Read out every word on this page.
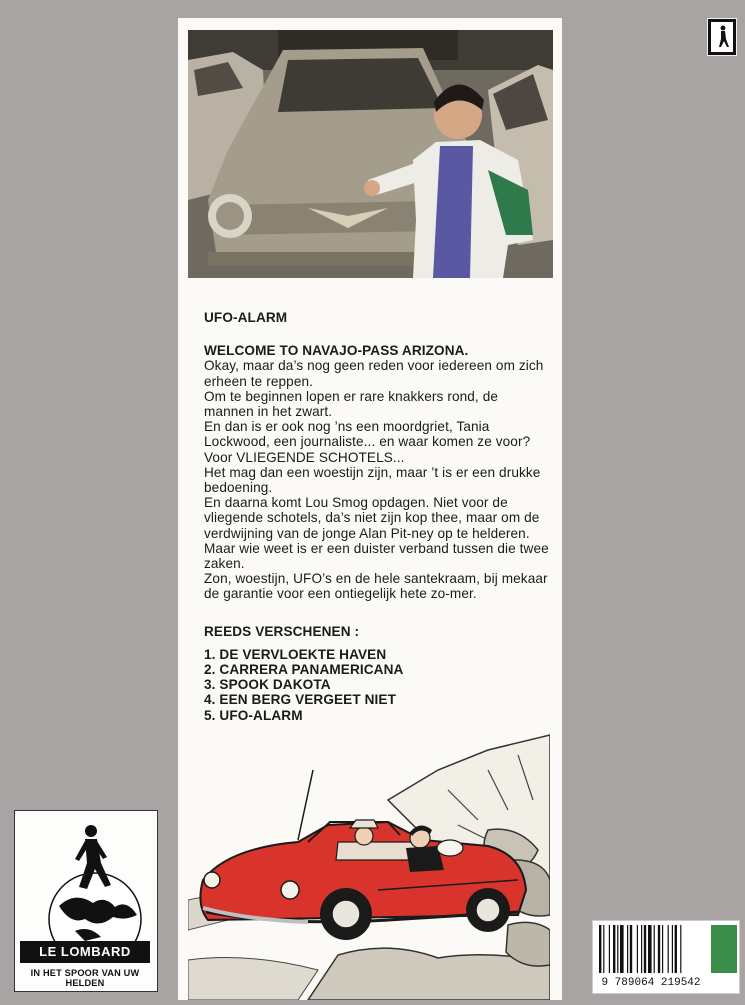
UFO-ALARM

WELCOME TO NAVAJO-PASS ARIZONA.

Okay, maar da’s nog geen reden voor iedereen om zich erheen te reppen.

Om te beginnen lopen er rare knakkers rond, de mannen in het zwart.

En dan is er ook nog ’ns een moordgriet, Tania Lockwood, een journaliste... en waar komen ze voor? Voor VLIEGENDE SCHOTELS...

Het mag dan een woestijn zijn, maar ’t is er een drukke bedoening.

En daarna komt Lou Smog opdagen. Niet voor de vliegende schotels, da’s niet zijn kop thee, maar om de verdwijning van de jonge Alan Pit-ney op te helderen.

Maar wie weet is er een duister verband tussen die twee zaken.

Zon, woestijn, UFO’s en de hele santekraam, bij mekaar de garantie voor een ontiegelijk hete zo-mer.

REEDS VERSCHENEN :

1. DE VERVLOEKTE HAVEN
2. CARRERA PANAMERICANA
3. SPOOK DAKOTA
4. EEN BERG VERGEET NIET
5. UFO-ALARM
LE LOMBARD
IN HET SPOOR VAN UW HELDEN	9 789064 219542
